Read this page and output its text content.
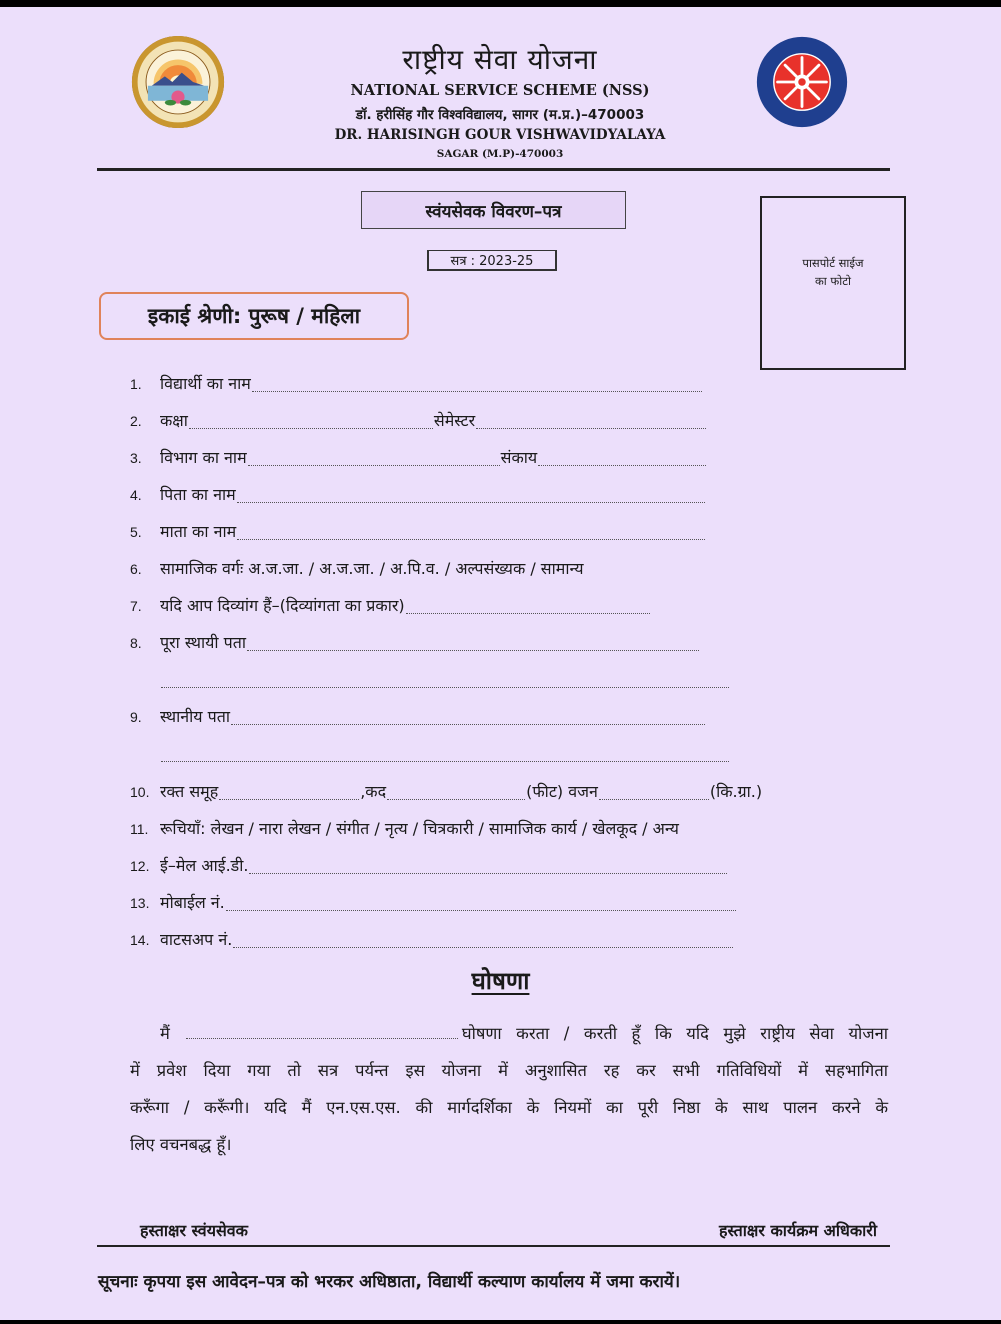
राष्ट्रीय सेवा योजना
NATIONAL SERVICE SCHEME (NSS)
डॉ. हरीसिंह गौर विश्वविद्यालय, सागर (म.प्र.)–470003
DR. HARISINGH GOUR VISHWAVIDYALAYA
SAGAR (M.P)-470003
स्वंयसेवक विवरण–पत्र
सत्र : 2023-25
इकाई श्रेणी: पुरूष / महिला
पासपोर्ट साईज
का फोटो
1.	विद्यार्थी का नाम
2.	कक्षा	सेमेस्टर
3.	विभाग का नाम	संकाय
4.	पिता का नाम
5.	माता का नाम
6.	सामाजिक वर्गः अ.ज.जा. / अ.ज.जा. / अ.पि.व. / अल्पसंख्यक / सामान्य
7.	यदि आप दिव्यांग हैं–(दिव्यांगता का प्रकार)
8.	पूरा स्थायी पता
9.	स्थानीय पता
10. रक्त समूह	,कद	(फीट) वजन	(कि.ग्रा.)
11. रूचियाँ: लेखन / नारा लेखन / संगीत / नृत्य / चित्रकारी / सामाजिक कार्य / खेलकूद / अन्य
12. ई–मेल आई.डी.
13. मोबाईल नं.
14. वाटसअप नं.
घोषणा
मैं	घोषणा करता / करती हूँ कि यदि मुझे राष्ट्रीय सेवा योजना
में प्रवेश दिया गया तो सत्र पर्यन्त इस योजना में अनुशासित रह कर सभी गतिविधियों में सहभागिता
करूँगा / करूँगी। यदि मैं एन.एस.एस. की मार्गदर्शिका के नियमों का पूरी निष्ठा के साथ पालन करने के
लिए वचनबद्ध हूँ।
हस्ताक्षर स्वंयसेवक	हस्ताक्षर कार्यक्रम अधिकारी
सूचनाः कृपया इस आवेदन–पत्र को भरकर अधिष्ठाता, विद्यार्थी कल्याण कार्यालय में जमा करायें।
